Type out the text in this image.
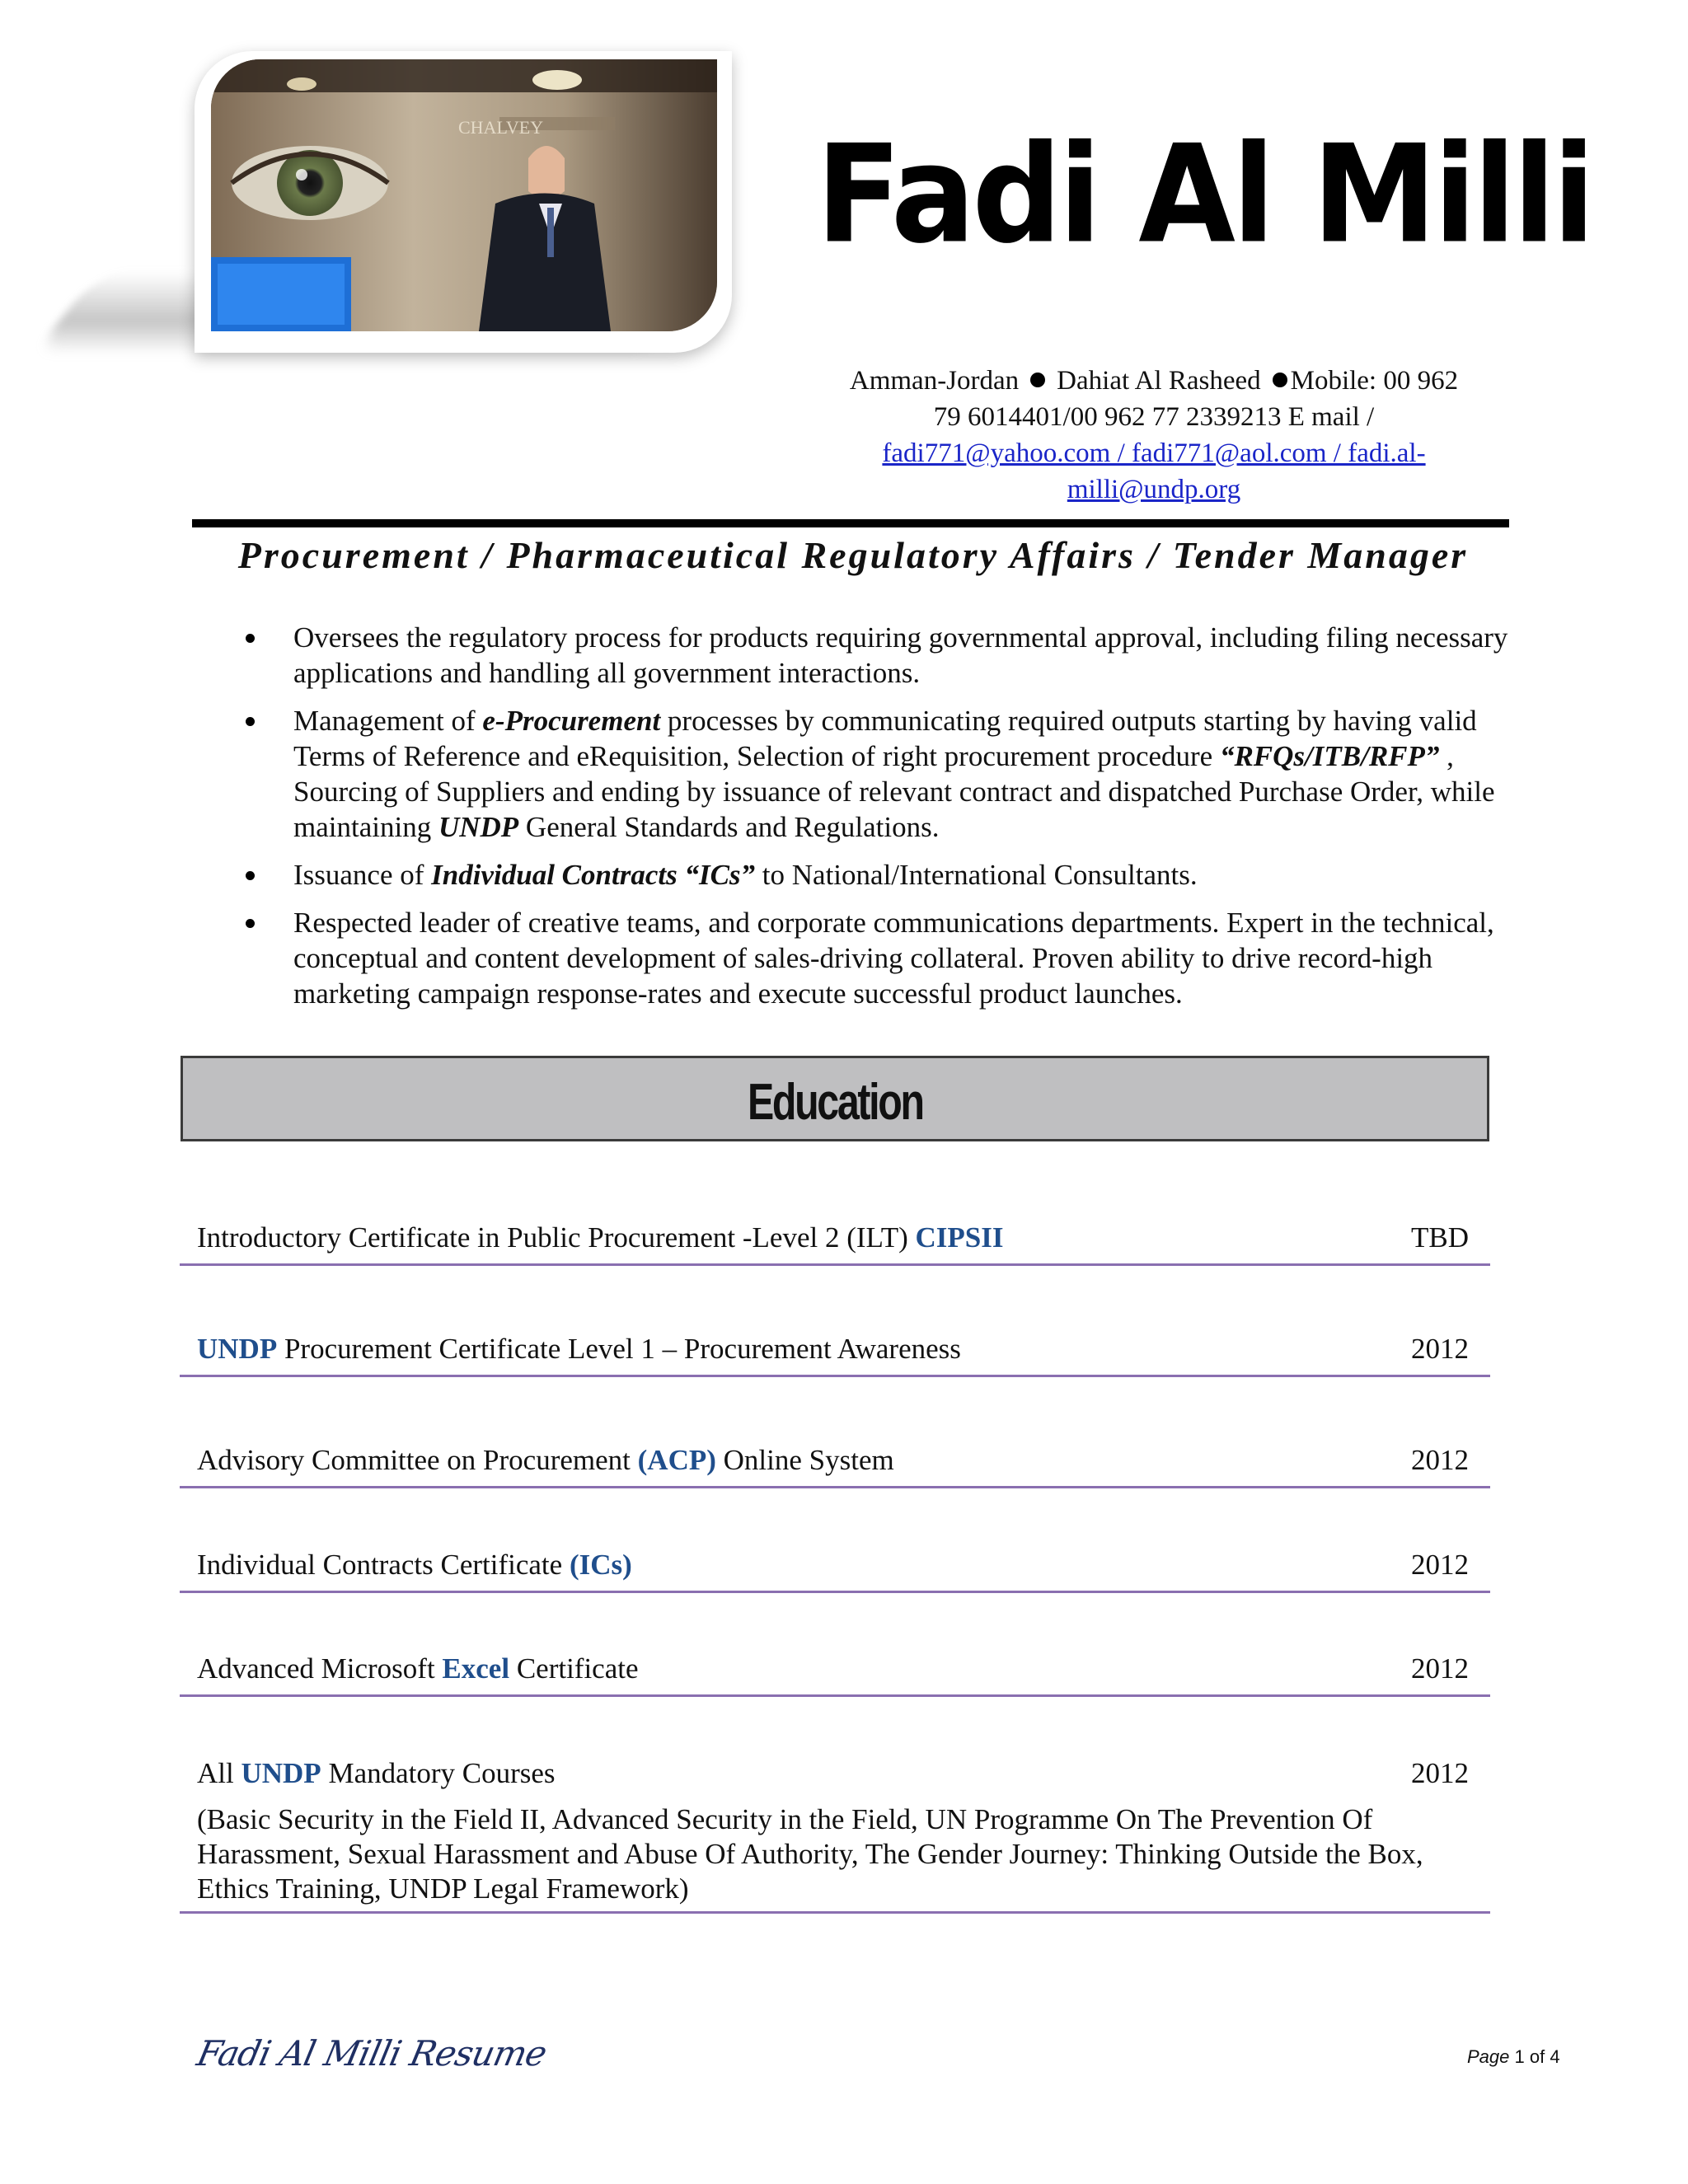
CHALVEY Fadi Al Milli
Amman-Jordan Dahiat Al Rasheed Mobile: 00 962
79 6014401/00 962 77 2339213 E mail /
fadi771@yahoo.com / fadi771@aol.com / fadi.al-
milli@undp.org
Procurement / Pharmaceutical Regulatory Affairs / Tender Manager
Oversees the regulatory process for products requiring governmental approval, including filing necessary applications and handling all government interactions.
Management of e-Procurement processes by communicating required outputs starting by having valid Terms of Reference and eRequisition, Selection of right procurement procedure “RFQs/ITB/RFP” , Sourcing of Suppliers and ending by issuance of relevant contract and dispatched Purchase Order, while maintaining UNDP General Standards and Regulations.
Issuance of Individual Contracts “ICs” to National/International Consultants.
Respected leader of creative teams, and corporate communications departments. Expert in the technical, conceptual and content development of sales-driving collateral. Proven ability to drive record-high marketing campaign response-rates and execute successful product launches.
Education
Introductory Certificate in Public Procurement -Level 2 (ILT) CIPSII	TBD
UNDP Procurement Certificate Level 1 – Procurement Awareness	2012
Advisory Committee on Procurement (ACP) Online System	2012
Individual Contracts Certificate (ICs)	2012
Advanced Microsoft Excel Certificate	2012
All UNDP Mandatory Courses	2012
(Basic Security in the Field II, Advanced Security in the Field, UN Programme On The Prevention Of Harassment, Sexual Harassment and Abuse Of Authority, The Gender Journey: Thinking Outside the Box, Ethics Training, UNDP Legal Framework)
Fadi Al Milli Resume	Page 1 of 4
